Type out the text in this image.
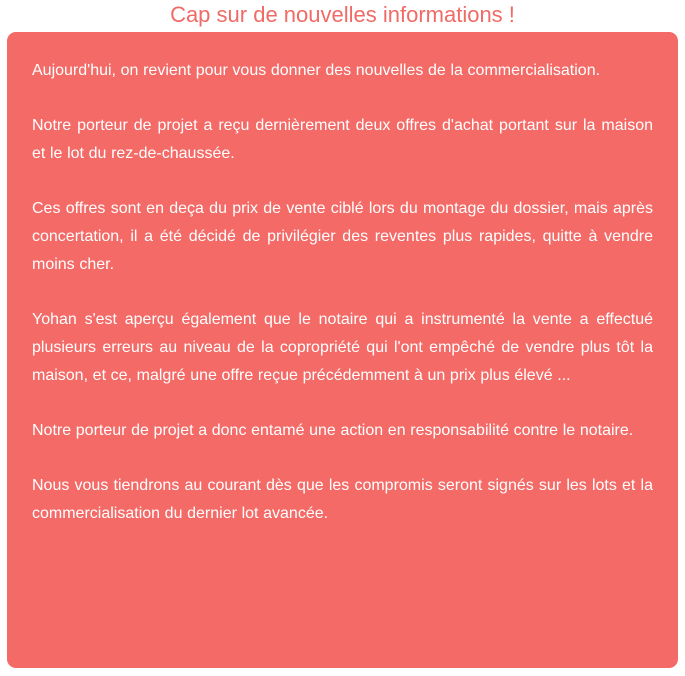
Cap sur de nouvelles informations !

Aujourd'hui, on revient pour vous donner des nouvelles de la commercialisation.

Notre porteur de projet a reçu dernièrement deux offres d'achat portant sur la maison et le lot du rez-de-chaussée.

Ces offres sont en deça du prix de vente ciblé lors du montage du dossier, mais après concertation, il a été décidé de privilégier des reventes plus rapides, quitte à vendre moins cher.

Yohan s'est aperçu également que le notaire qui a instrumenté la vente a effectué plusieurs erreurs au niveau de la copropriété qui l'ont empêché de vendre plus tôt la maison, et ce, malgré une offre reçue précédemment à un prix plus élevé ...

Notre porteur de projet a donc entamé une action en responsabilité contre le notaire.

Nous vous tiendrons au courant dès que les compromis seront signés sur les lots et la commercialisation du dernier lot avancée.
